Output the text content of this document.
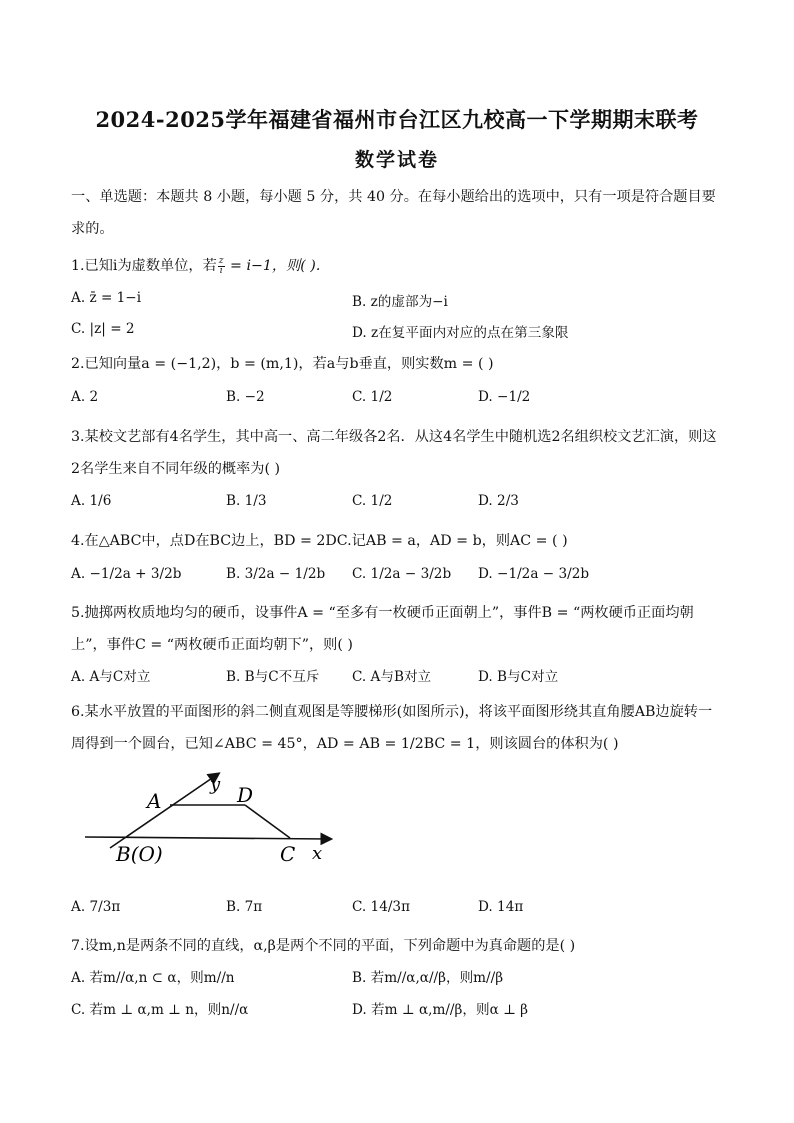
2024-2025学年福建省福州市台江区九校高一下学期期末联考
数学试卷
一、单选题：本题共 8 小题，每小题 5 分，共 40 分。在每小题给出的选项中，只有一项是符合题目要求的。
1.已知i为虚数单位，若 $\frac{z}{i} = i-1$，则( ).
A. z̄ = 1−i	B. z的虚部为−i
C. |z| = 2	D. z在复平面内对应的点在第三象限
2.已知向量a = (−1,2)，b = (m,1)，若a与b垂直，则实数m = ( )
A. 2	B. −2	C. 1/2	D. −1/2
3.某校文艺部有4名学生，其中高一、高二年级各2名．从这4名学生中随机选2名组织校文艺汇演，则这2名学生来自不同年级的概率为( )
A. 1/6	B. 1/3	C. 1/2	D. 2/3
4.在△ABC中，点D在BC边上，BD = 2DC.记AB = a，AD = b，则AC = ( )
A. −1/2a + 3/2b	B. 3/2a − 1/2b C. 1/2a − 3/2b D. −1/2a − 3/2b
5.抛掷两枚质地均匀的硬币，设事件A = “至多有一枚硬币正面朝上”，事件B = “两枚硬币正面均朝上”，事件C = “两枚硬币正面均朝下”，则( )
A. A与C对立	B. B与C不互斥 C. A与B对立	D. B与C对立
6.某水平放置的平面图形的斜二侧直观图是等腰梯形(如图所示)，将该平面图形绕其直角腰AB边旋转一周得到一个圆台，已知∠ABC = 45°，AD = AB = 1/2BC = 1，则该圆台的体积为( )
A	D
y
B(O)	C x
A. 7/3π	B. 7π	C. 14/3π	D. 14π
7.设m,n是两条不同的直线，α,β是两个不同的平面，下列命题中为真命题的是( )
A. 若m//α,n ⊂ α，则m//n	B. 若m//α,α//β，则m//β
C. 若m ⊥ α,m ⊥ n，则n//α	D. 若m ⊥ α,m//β，则α ⊥ β
